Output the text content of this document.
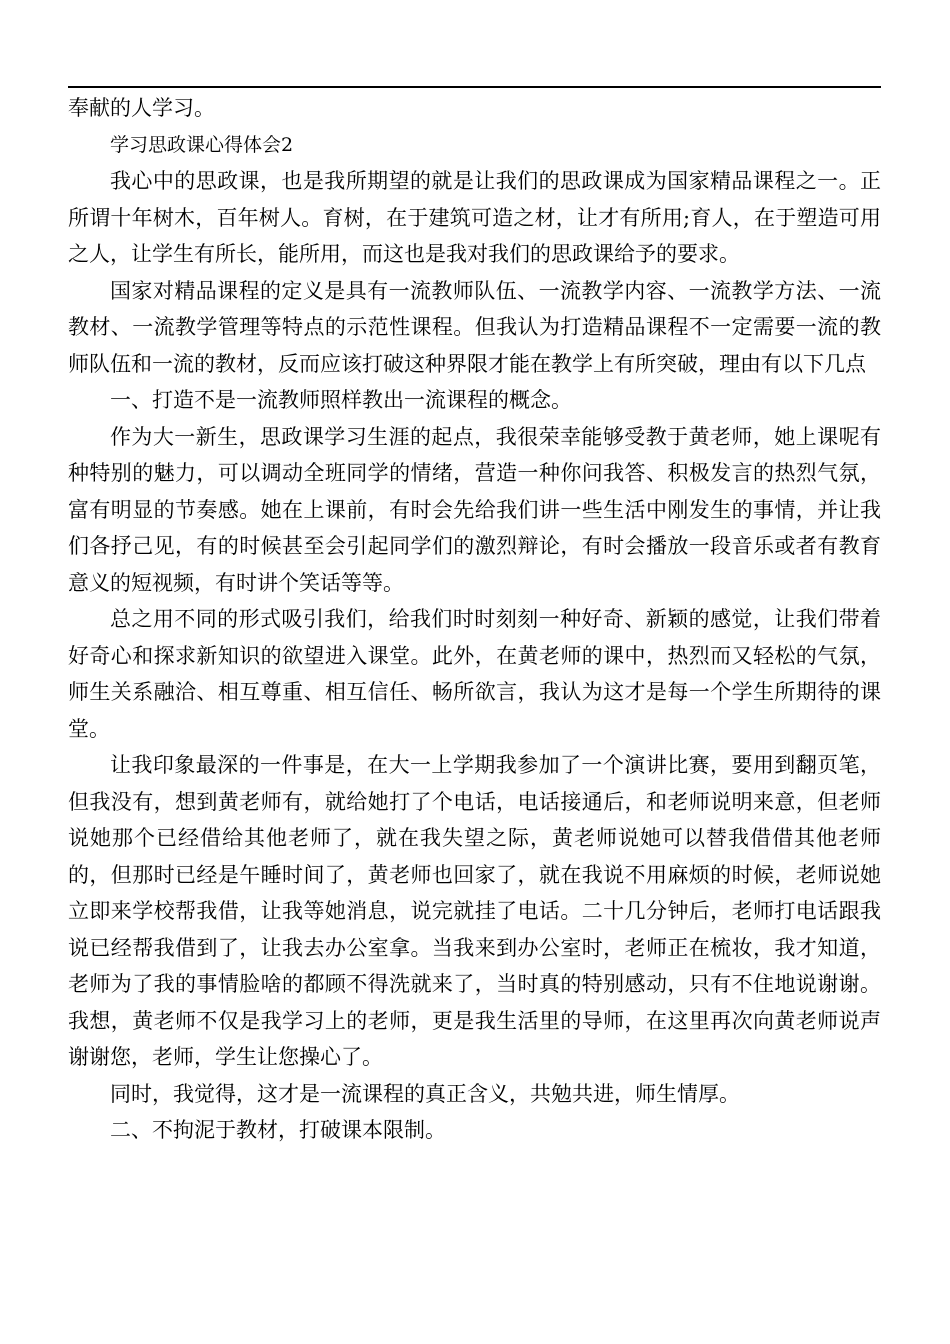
奉献的人学习。

学习思政课心得体会2

我心中的思政课，也是我所期望的就是让我们的思政课成为国家精品课程之一。正所谓十年树木，百年树人。育树，在于建筑可造之材，让才有所用;育人，在于塑造可用之人，让学生有所长，能所用，而这也是我对我们的思政课给予的要求。

国家对精品课程的定义是具有一流教师队伍、一流教学内容、一流教学方法、一流教材、一流教学管理等特点的示范性课程。但我认为打造精品课程不一定需要一流的教师队伍和一流的教材，反而应该打破这种界限才能在教学上有所突破，理由有以下几点

一、打造不是一流教师照样教出一流课程的概念。

作为大一新生，思政课学习生涯的起点，我很荣幸能够受教于黄老师，她上课呢有种特别的魅力，可以调动全班同学的情绪，营造一种你问我答、积极发言的热烈气氛，富有明显的节奏感。她在上课前，有时会先给我们讲一些生活中刚发生的事情，并让我们各抒己见，有的时候甚至会引起同学们的激烈辩论，有时会播放一段音乐或者有教育意义的短视频，有时讲个笑话等等。

总之用不同的形式吸引我们，给我们时时刻刻一种好奇、新颖的感觉，让我们带着好奇心和探求新知识的欲望进入课堂。此外，在黄老师的课中，热烈而又轻松的气氛，师生关系融洽、相互尊重、相互信任、畅所欲言，我认为这才是每一个学生所期待的课堂。

让我印象最深的一件事是，在大一上学期我参加了一个演讲比赛，要用到翻页笔，但我没有，想到黄老师有，就给她打了个电话，电话接通后，和老师说明来意，但老师说她那个已经借给其他老师了，就在我失望之际，黄老师说她可以替我借借其他老师的，但那时已经是午睡时间了，黄老师也回家了，就在我说不用麻烦的时候，老师说她立即来学校帮我借，让我等她消息，说完就挂了电话。二十几分钟后，老师打电话跟我说已经帮我借到了，让我去办公室拿。当我来到办公室时，老师正在梳妆，我才知道，老师为了我的事情脸啥的都顾不得洗就来了，当时真的特别感动，只有不住地说谢谢。我想，黄老师不仅是我学习上的老师，更是我生活里的导师，在这里再次向黄老师说声谢谢您，老师，学生让您操心了。

同时，我觉得，这才是一流课程的真正含义，共勉共进，师生情厚。

二、不拘泥于教材，打破课本限制。
